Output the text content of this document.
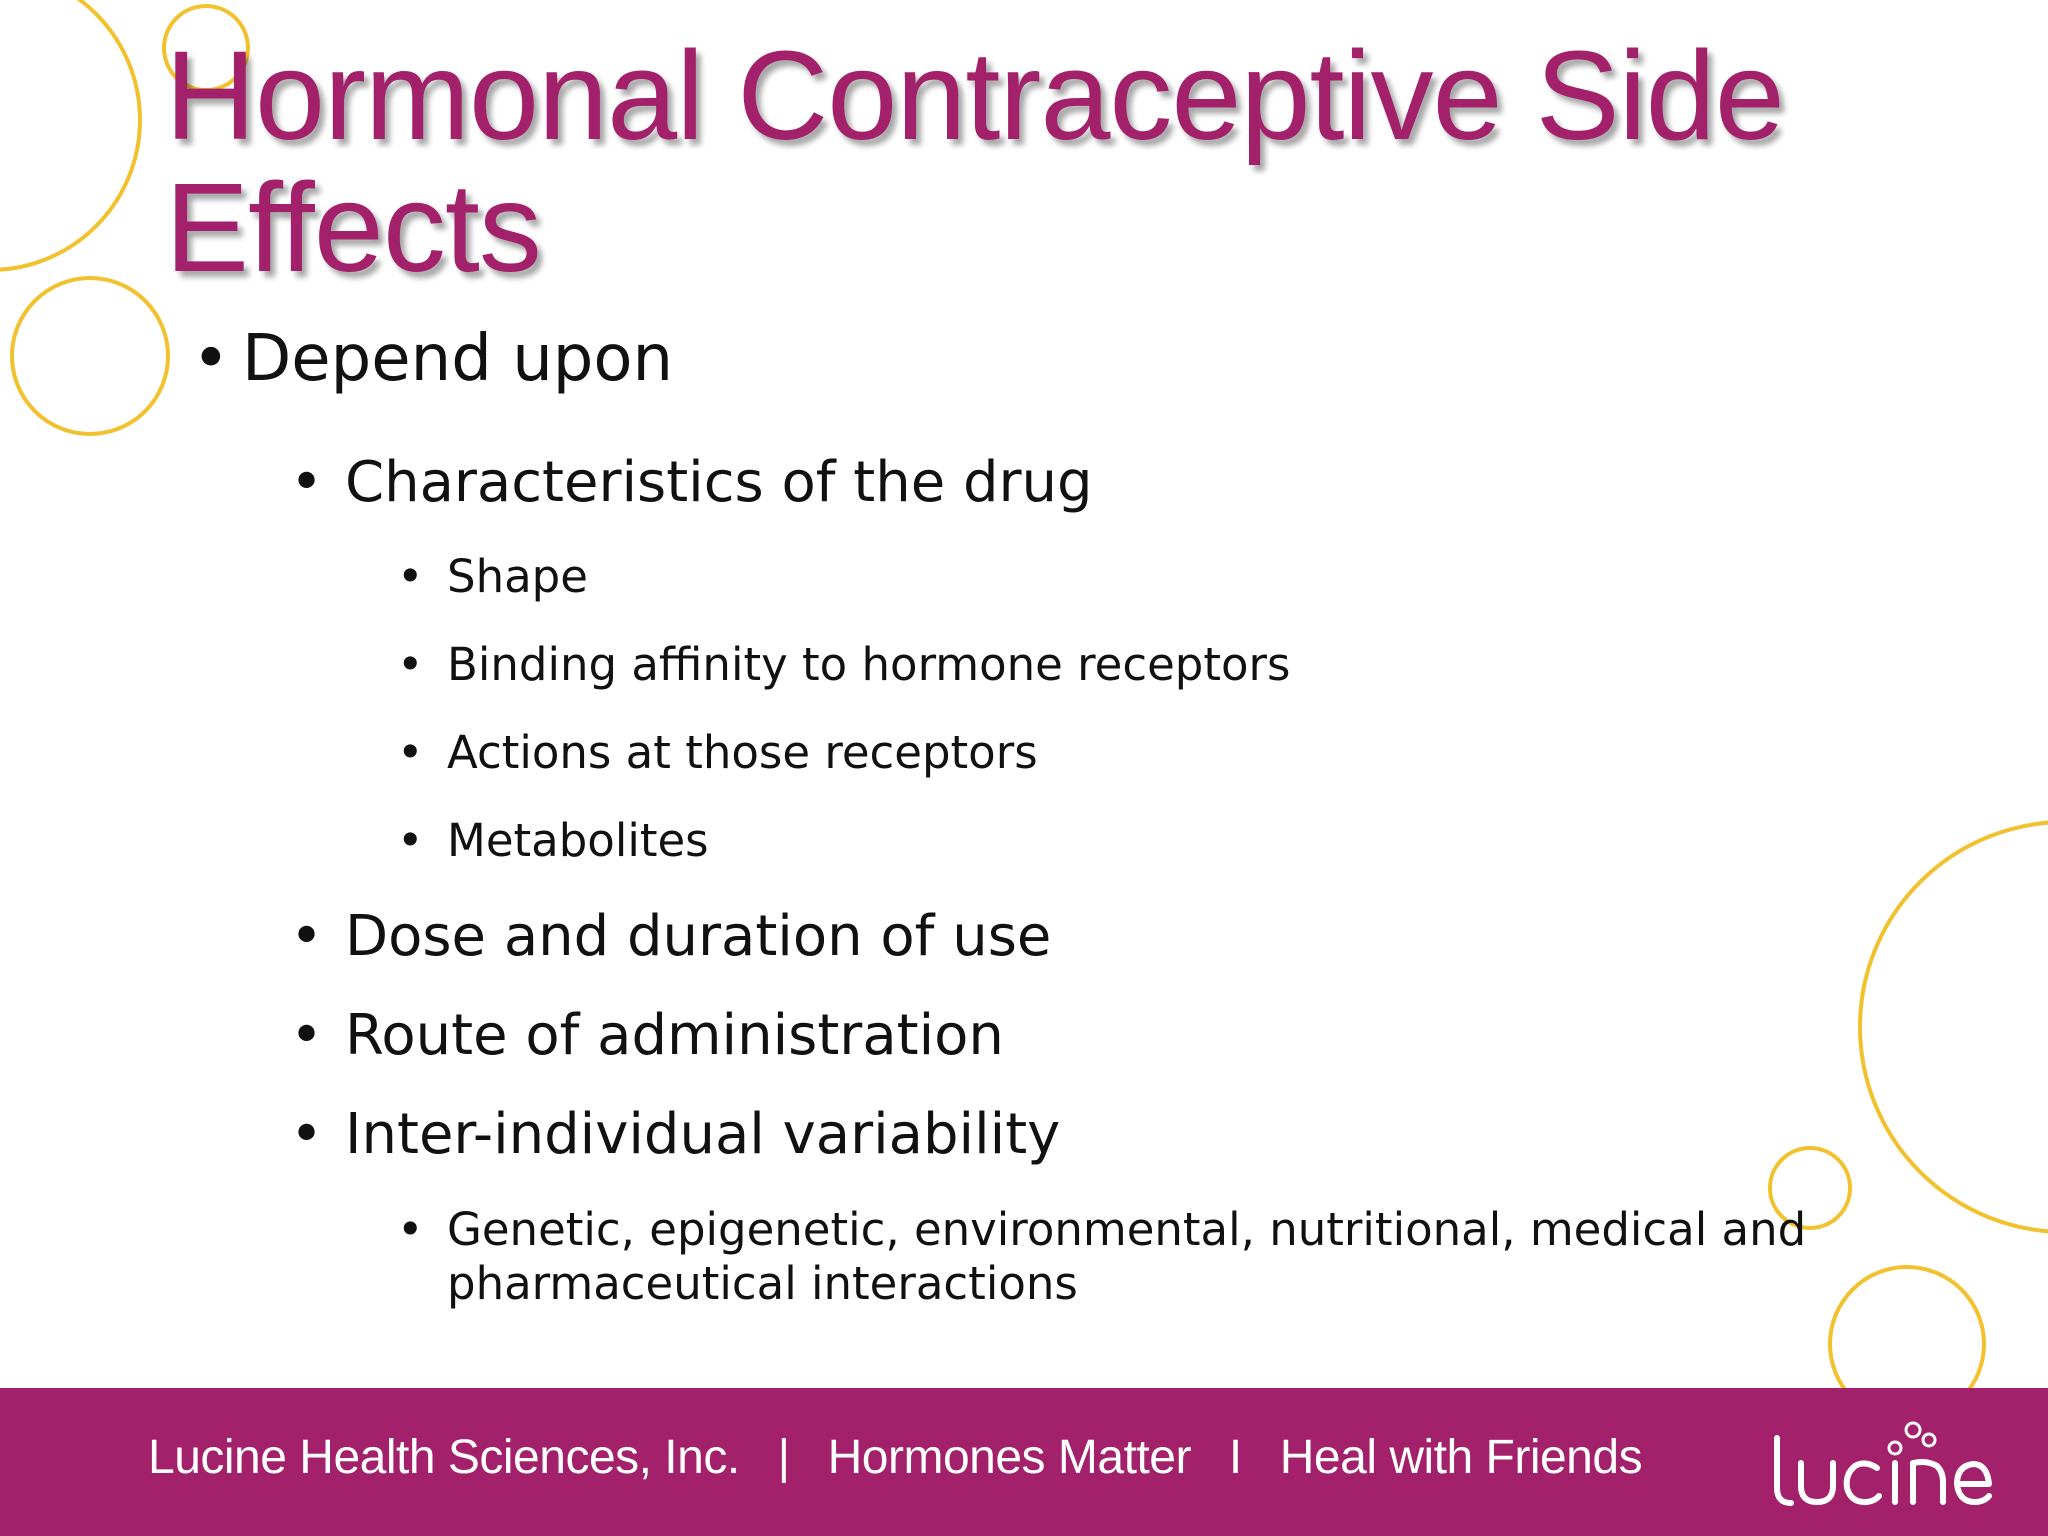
Hormonal Contraceptive Side Effects
• Depend upon
• Characteristics of the drug
• Shape
• Binding affinity to hormone receptors
• Actions at those receptors
• Metabolites
• Dose and duration of use
• Route of administration
• Inter-individual variability
• Genetic, epigenetic, environmental, nutritional, medical and
pharmaceutical interactions
Lucine Health Sciences, Inc. | Hormones Matter I Heal with Friends
